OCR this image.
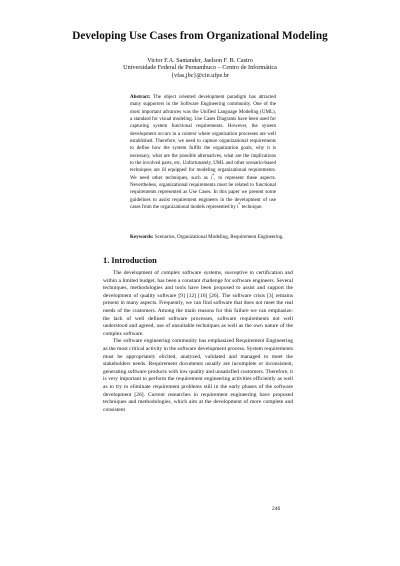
Developing Use Cases from Organizational Modeling
Victor F.A. Santander, Jaelson F. B. Castro
Universidade Federal de Pernambuco – Centro de Informática
{vfas,jbc}@cin.ufpe.br

Abstract: The object oriented development paradigm has attracted many supporters in the Software Engineering community. One of the most important advances was the Unified Language Modeling (UML), a standard for visual modeling. Use Cases Diagrams have been used for capturing system functional requirements. However, the system development occurs in a context where organization processes are well established. Therefore, we need to capture organizational requirements to define how the system fulfils the organization goals, why it is necessary, what are the possible alternatives, what are the implications to the involved parts, etc. Unfortunately, UML and other scenario-based techniques are ill equipped for modeling organizational requirements. We need other techniques, such as i*, to represent these aspects. Nevertheless, organizational requirements must be related to functional requirements represented as Use Cases. In this paper we present some guidelines to assist requirement engineers in the development of use cases from the organizational models represented by i* technique.

Keywords: Scenarios, Organizational Modeling, Requirement Engineering.
1. Introduction

The development of complex software systems, susceptive to certification and within a limited budget, has been a constant challenge for software engineers. Several techniques, methodologies and tools have been proposed to assist and support the development of quality software [9] [12] [16] [26]. The software crisis [3] remains present in many aspects. Frequently, we can find software that does not meet the real needs of the customers. Among the main reasons for this failure we can emphasize: the lack of well defined software processes, software requirements not well understood and agreed, use of unsuitable techniques as well as the own nature of the complex software.

The software engineering community has emphasized Requirement Engineering as the most critical activity in the software development process. System requirements must be appropriately elicited, analyzed, validated and managed to meet the stakeholders needs. Requirement documents usually are incomplete or inconsistent, generating software products with low quality and unsatisfied customers. Therefore, it is very important to perform the requirement engineering activities efficiently as well as to try to eliminate requirement problems still in the early phases of the software development [26]. Current researches in requirement engineering have proposed techniques and methodologies, which aim at the development of more complete and consistent

246
